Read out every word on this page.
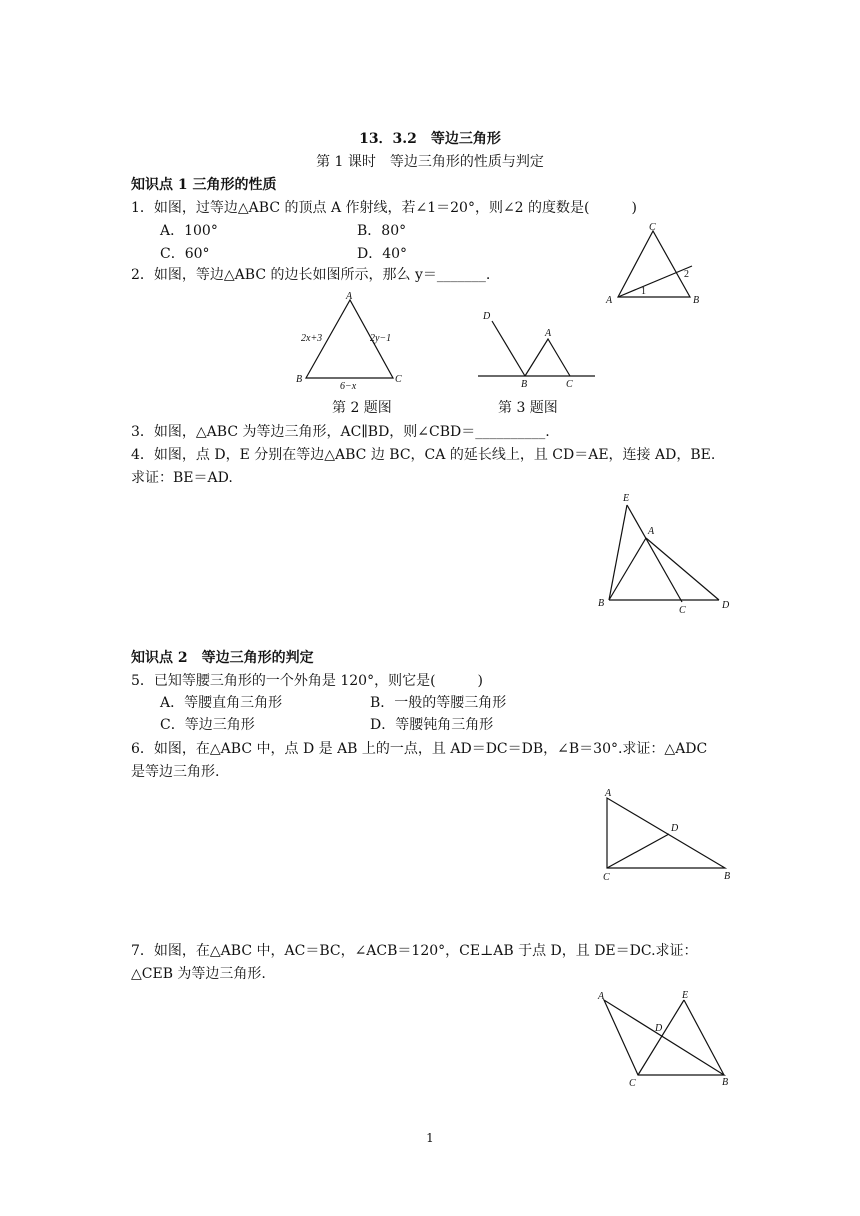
13．3.2　等边三角形
第 1 课时　等边三角形的性质与判定
知识点 1 三角形的性质
1．如图，过等边△ABC 的顶点 A 作射线，若∠1＝20°，则∠2 的度数是(　　　)
A．100°	B．80°
C．60°	D．40°
C
A	B
1
2
2．如图，等边△ABC 的边长如图所示，那么 y＝_______.
A
B	C
2x+3	2y−1
6−x
第 2 题图
D
A
B	C
第 3 题图
3．如图，△ABC 为等边三角形，AC∥BD，则∠CBD＝__________.
4．如图，点 D，E 分别在等边△ABC 边 BC，CA 的延长线上，且 CD＝AE，连接 AD，BE.
求证：BE＝AD.
E
A
B
C	D
知识点 2　等边三角形的判定
5．已知等腰三角形的一个外角是 120°，则它是(　　　)
A．等腰直角三角形	B．一般的等腰三角形
C．等边三角形	D．等腰钝角三角形
6．如图，在△ABC 中，点 D 是 AB 上的一点，且 AD＝DC＝DB，∠B＝30°.求证：△ADC
是等边三角形.
A
D
C	B
7．如图，在△ABC 中，AC＝BC，∠ACB＝120°，CE⊥AB 于点 D，且 DE＝DC.求证：
△CEB 为等边三角形.
A	E
D
C	B
1
